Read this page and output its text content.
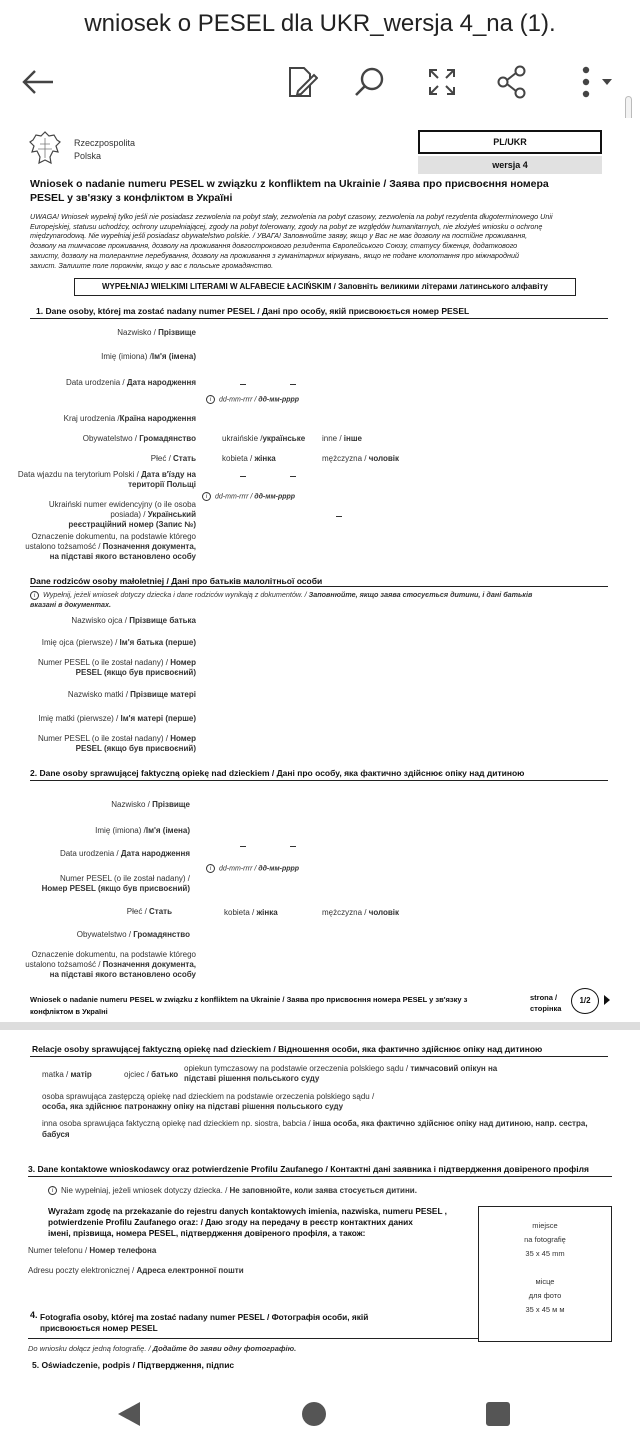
wniosek o PESEL dla UKR_wersja 4_na (1).
Rzeczpospolita
Polska
PL/UKR
wersja 4
Wniosek o nadanie numeru PESEL w związku z konfliktem na Ukrainie / Заява про присвоєння номера
PESEL у зв'язку з конфліктом в Україні
UWAGA! Wniosek wypełnij tylko jeśli nie posiadasz zezwolenia na pobyt stały, zezwolenia na pobyt czasowy, zezwolenia na pobyt rezydenta długoterminowego Unii
Europejskiej, statusu uchodźcy, ochrony uzupełniającej, zgody na pobyt tolerowany, zgody na pobyt ze względów humanitarnych, nie złożyłeś wniosku o ochronę
międzynarodową. Nie wypełniaj jeśli posiadasz obywatelstwo polskie. / УВАГА! Заповнюйте заяву, якщо у Вас не має дозволу на постійне проживання,
дозволу на тимчасове проживання, дозволу на проживання довгострокового резидента Європейського Союзу, статусу біженця, додаткового
захисту, дозволу на толерантне перебування, дозволу на проживання з гуманітарних міркувань, якщо не подане клопотання про міжнародний
захист. Залиште поле порожнім, якщо у вас є польське громадянство.
WYPEŁNIAJ WIELKIMI LITERAMI W ALFABECIE ŁACIŃSKIM / Заповніть великими літерами латинського алфавіту
1. Dane osoby, której ma zostać nadany numer PESEL / Дані про особу, якій присвоюється номер PESEL
Nazwisko / Прізвище
Imię (imiona) /Ім'я (імена)
Data urodzenia / Дата народження
i dd-mm-rrrr / дд-мм-рррр
Kraj urodzenia /Країна народження
Obywatelstwo / Громадянство	ukraińskie /українське inne / інше
Płeć / Стать	kobieta / жінка	mężczyzna / чоловік
Data wjazdu na terytorium Polski / Дата в'їзду на
території Польщі
i dd-mm-rrrr / дд-мм-рррр
Ukraiński numer ewidencyjny (o ile osoba
posiada) / Український
реєстраційний номер (Запис №)
Oznaczenie dokumentu, na podstawie którego
ustalono tożsamość / Позначення документа,
на підставі якого встановлено особу
Dane rodziców osoby małoletniej / Дані про батьків малолітньої особи
i Wypełnij, jeżeli wniosek dotyczy dziecka i dane rodziców wynikają z dokumentów. / Заповнюйте, якщо заява стосується дитини, і дані батьків
вказані в документах.
Nazwisko ojca / Прізвище батька
Imię ojca (pierwsze) / Ім'я батька (перше)
Numer PESEL (o ile został nadany) / Номер
PESEL (якщо був присвоєний)
Nazwisko matki / Прізвище матері
Imię matki (pierwsze) / Ім'я матері (перше)
Numer PESEL (o ile został nadany) / Номер
PESEL (якщо був присвоєний)
2. Dane osoby sprawującej faktyczną opiekę nad dzieckiem / Дані про особу, яка фактично здійснює опіку над дитиною
Nazwisko / Прізвище
Imię (imiona) /Ім'я (імена)
Data urodzenia / Дата народження
i dd-mm-rrrr / дд-мм-рррр
Numer PESEL (o ile został nadany) /
Номер PESEL (якщо був присвоєний)
Płeć / Стать	kobieta / жінка	mężczyzna / чоловік
Obywatelstwo / Громадянство
Oznaczenie dokumentu, na podstawie którego
ustalono tożsamość / Позначення документа,
на підставі якого встановлено особу
Wniosek o nadanie numeru PESEL w związku z konfliktem na Ukrainie / Заява про присвоєння номера PESEL у зв'язку з
конфліктом в Україні
strona /
сторінка
1/2
Relacje osoby sprawującej faktyczną opiekę nad dzieckiem / Відношення особи, яка фактично здійснює опіку над дитиною
matka / матір	ojciec / батько
opiekun tymczasowy na podstawie orzeczenia polskiego sądu / тимчасовий опікун на
підставі рішення польського суду
osoba sprawująca zastępczą opiekę nad dzieckiem na podstawie orzeczenia polskiego sądu /
особа, яка здійснює патронажну опіку на підставі рішення польського суду
inna osoba sprawująca faktyczną opiekę nad dzieckiem np. siostra, babcia / інша особа, яка фактично здійснює опіку над дитиною, напр. сестра,
бабуся
3. Dane kontaktowe wnioskodawcy oraz potwierdzenie Profilu Zaufanego / Контактні дані заявника і підтвердження довіреного профіля
i Nie wypełniaj, jeżeli wniosek dotyczy dziecka. / Не заповнюйте, коли заява стосується дитини.
Wyrażam zgodę na przekazanie do rejestru danych kontaktowych imienia, nazwiska, numeru PESEL ,
potwierdzenie Profilu Zaufanego oraz: / Даю згоду на передачу в реєстр контактних даних
імені, прізвища, номера PESEL, підтвердження довіреного профіля, а також:
Numer telefonu / Номер телефона
Adresu poczty elektronicznej / Адреса електронної пошти
miejsce
na fotografię
35 x 45 mm
місце
для фото
35 x 45 м м
4. Fotografia osoby, której ma zostać nadany numer PESEL / Фотографія особи, якій
присвоюється номер PESEL
Do wniosku dołącz jedną fotografię. / Додайте до заяви одну фотографію.
5. Oświadczenie, podpis / Підтвердження, підпис
